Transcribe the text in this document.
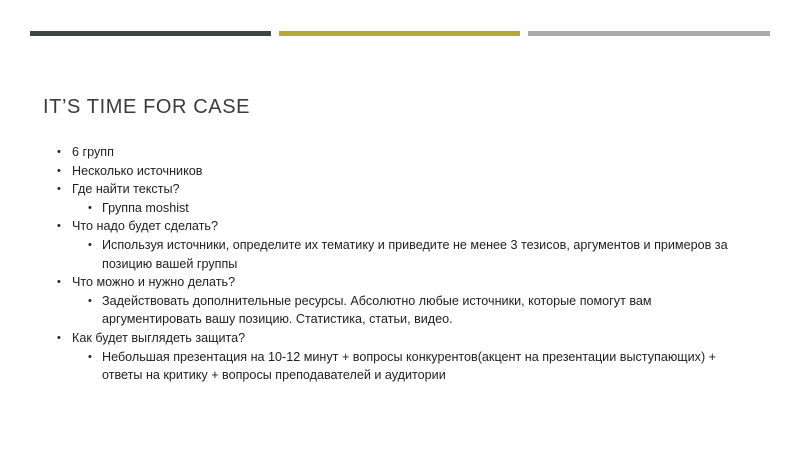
IT’S TIME FOR CASE
• 6 групп
• Несколько источников
• Где найти тексты?
• Группа moshist
• Что надо будет сделать?
• Используя источники, определите их тематику и приведите не менее 3 тезисов, аргументов и примеров за позицию вашей группы
• Что можно и нужно делать?
• Задействовать дополнительные ресурсы. Абсолютно любые источники, которые помогут вам аргументировать вашу позицию. Статистика, статьи, видео.
• Как будет выглядеть защита?
• Небольшая презентация на 10-12 минут + вопросы конкурентов(акцент на презентации выступающих) + ответы на критику + вопросы преподавателей и аудитории
